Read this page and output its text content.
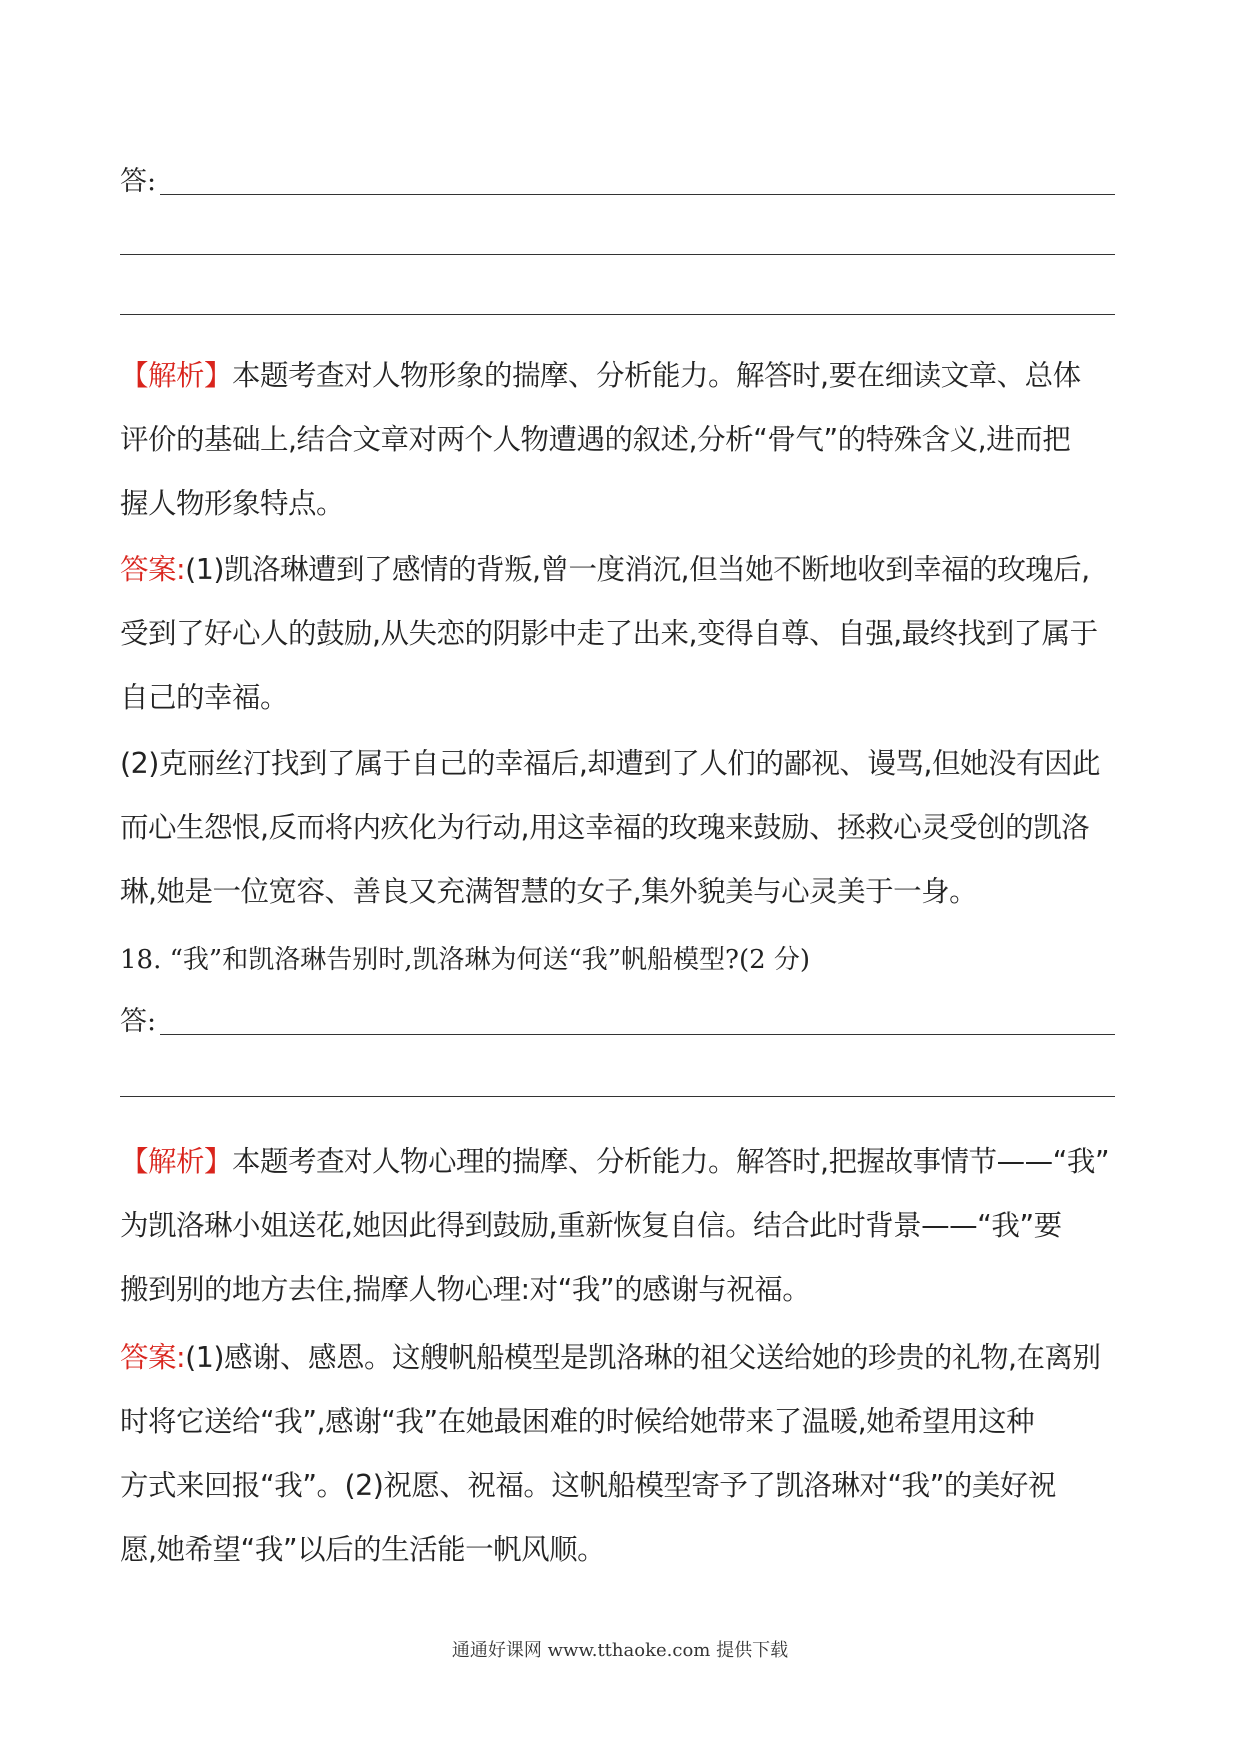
答:
【解析】本题考查对人物形象的揣摩、分析能力。解答时,要在细读文章、总体
评价的基础上,结合文章对两个人物遭遇的叙述,分析“骨气”的特殊含义,进而把
握人物形象特点。
答案:(1)凯洛琳遭到了感情的背叛,曾一度消沉,但当她不断地收到幸福的玫瑰后,
受到了好心人的鼓励,从失恋的阴影中走了出来,变得自尊、自强,最终找到了属于
自己的幸福。
(2)克丽丝汀找到了属于自己的幸福后,却遭到了人们的鄙视、谩骂,但她没有因此
而心生怨恨,反而将内疚化为行动,用这幸福的玫瑰来鼓励、拯救心灵受创的凯洛
琳,她是一位宽容、善良又充满智慧的女子,集外貌美与心灵美于一身。
18. “我”和凯洛琳告别时,凯洛琳为何送“我”帆船模型?(2 分)
答:
【解析】本题考查对人物心理的揣摩、分析能力。解答时,把握故事情节——“我”
为凯洛琳小姐送花,她因此得到鼓励,重新恢复自信。结合此时背景——“我”要
搬到别的地方去住,揣摩人物心理:对“我”的感谢与祝福。
答案:(1)感谢、感恩。这艘帆船模型是凯洛琳的祖父送给她的珍贵的礼物,在离别
时将它送给“我”,感谢“我”在她最困难的时候给她带来了温暖,她希望用这种
方式来回报“我”。(2)祝愿、祝福。这帆船模型寄予了凯洛琳对“我”的美好祝
愿,她希望“我”以后的生活能一帆风顺。
通通好课网 www.tthaoke.com 提供下载
